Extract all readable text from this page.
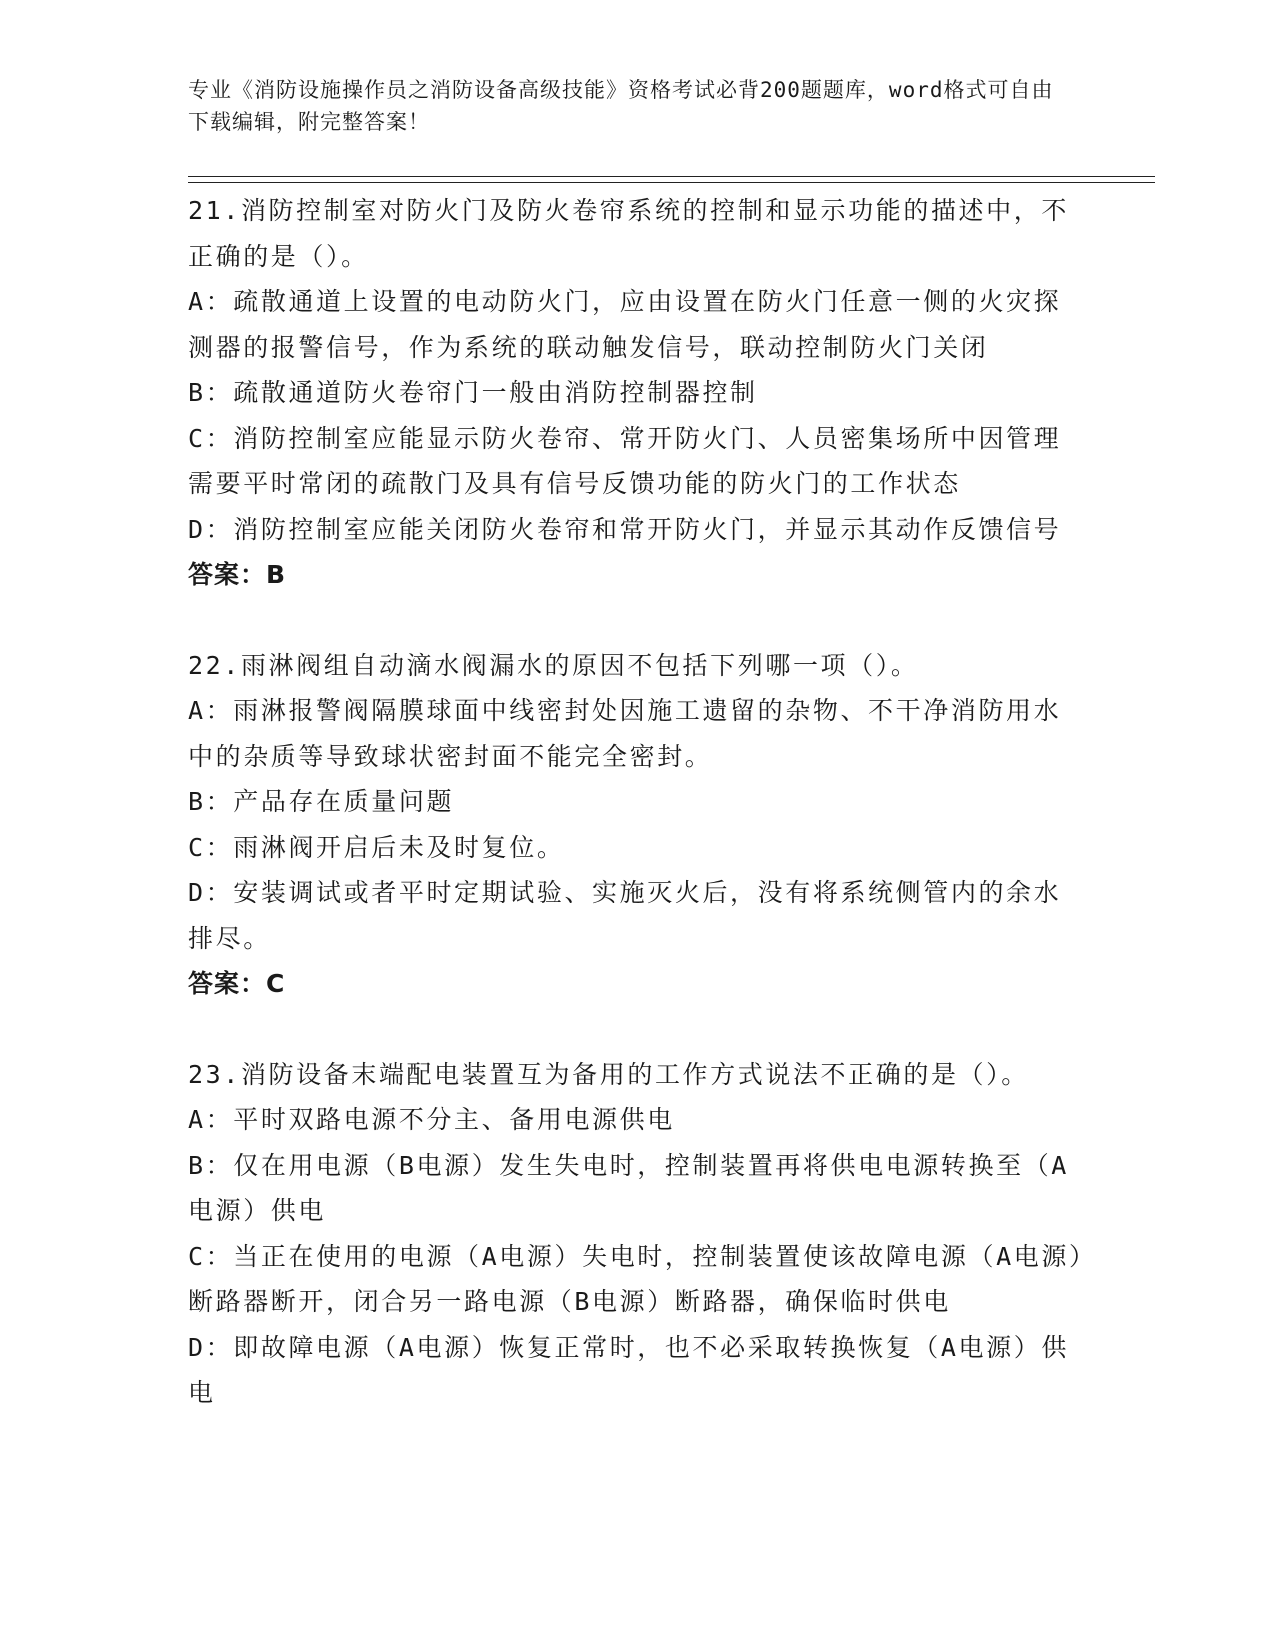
专业《消防设施操作员之消防设备高级技能》资格考试必背200题题库，word格式可自由下载编辑，附完整答案！

21.消防控制室对防火门及防火卷帘系统的控制和显示功能的描述中，不正确的是（）。

A：疏散通道上设置的电动防火门，应由设置在防火门任意一侧的火灾探测器的报警信号，作为系统的联动触发信号，联动控制防火门关闭

B：疏散通道防火卷帘门一般由消防控制器控制

C：消防控制室应能显示防火卷帘、常开防火门、人员密集场所中因管理需要平时常闭的疏散门及具有信号反馈功能的防火门的工作状态

D：消防控制室应能关闭防火卷帘和常开防火门，并显示其动作反馈信号

答案：B

22.雨淋阀组自动滴水阀漏水的原因不包括下列哪一项（）。

A：雨淋报警阀隔膜球面中线密封处因施工遗留的杂物、不干净消防用水中的杂质等导致球状密封面不能完全密封。

B：产品存在质量问题

C：雨淋阀开启后未及时复位。

D：安装调试或者平时定期试验、实施灭火后，没有将系统侧管内的余水排尽。

答案：C

23.消防设备末端配电装置互为备用的工作方式说法不正确的是（）。

A：平时双路电源不分主、备用电源供电

B：仅在用电源（B电源）发生失电时，控制装置再将供电电源转换至（A电源）供电

C：当正在使用的电源（A电源）失电时，控制装置使该故障电源（A电源）断路器断开，闭合另一路电源（B电源）断路器，确保临时供电

D：即故障电源（A电源）恢复正常时，也不必采取转换恢复（A电源）供电
